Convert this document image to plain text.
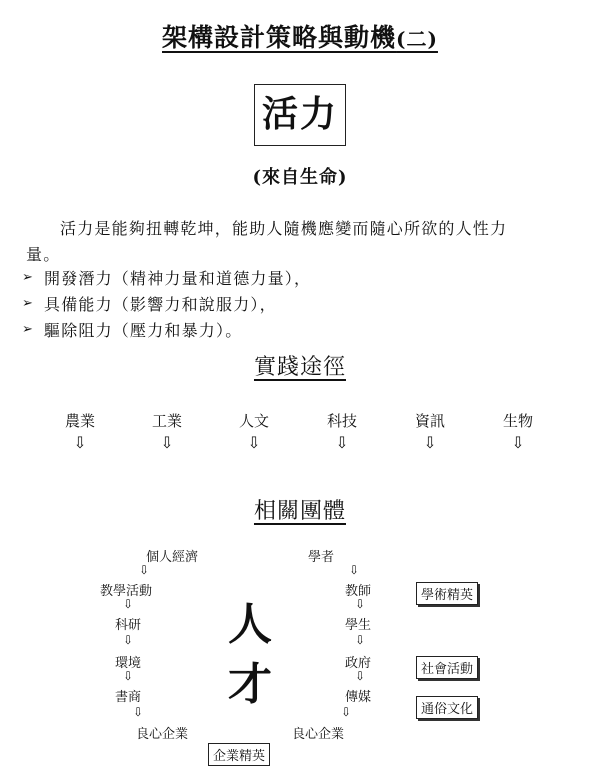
架構設計策略與動機(二)
活力
(來自生命)
活力是能夠扭轉乾坤，能助人隨機應變而隨心所欲的人性力
量。
➢ 開發潛力（精神力量和道德力量），
➢ 具備能力（影響力和說服力），
➢ 驅除阻力（壓力和暴力）。
實踐途徑
農業
⇩
工業
⇩
人文
⇩
科技
⇩
資訊
⇩
生物
⇩
相關團體
個人經濟
⇩
教學活動
⇩
科研
⇩
環境
⇩
書商
⇩
良心企業
學者
⇩
教師
⇩
學生
⇩
政府
⇩
傳媒
⇩
良心企業
人
才
學術精英
社會活動
通俗文化
企業精英
